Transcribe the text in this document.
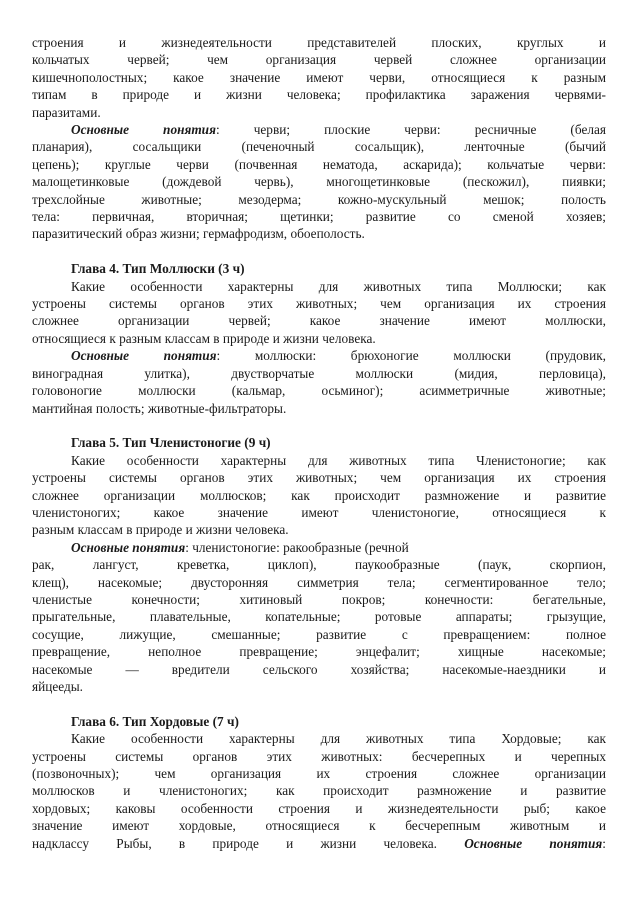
строения и жизнедеятельности представителей плоских, круглых и
кольчатых червей; чем организация червей сложнее организации
кишечнополостных; какое значение имеют черви, относящиеся к разным
типам в природе и жизни человека; профилактика заражения червями-
паразитами.
Основные понятия: черви; плоские черви: ресничные (белая
планария), сосальщики (печеночный сосальщик), ленточные (бычий
цепень); круглые черви (почвенная нематода, аскарида); кольчатые черви:
малощетинковые (дождевой червь), многощетинковые (пескожил), пиявки;
трехслойные животные; мезодерма; кожно-мускульный мешок; полость
тела: первичная, вторичная; щетинки; развитие со сменой хозяев;
паразитический образ жизни; гермафродизм, обоеполость.
Глава 4. Тип Моллюски (3 ч)
Какие особенности характерны для животных типа Моллюски; как
устроены системы органов этих животных; чем организация их строения
сложнее организации червей; какое значение имеют моллюски,
относящиеся к разным классам в природе и жизни человека.
Основные понятия: моллюски: брюхоногие моллюски (прудовик,
виноградная улитка), двустворчатые моллюски (мидия, перловица),
головоногие моллюски (кальмар, осьминог); асимметричные животные;
мантийная полость; животные-фильтраторы.
Глава 5. Тип Членистоногие (9 ч)
Какие особенности характерны для животных типа Членистоногие; как
устроены системы органов этих животных; чем организация их строения
сложнее организации моллюсков; как происходит размножение и развитие
членистоногих; какое значение имеют членистоногие, относящиеся к
разным классам в природе и жизни человека.
Основные понятия: членистоногие: ракообразные (речной
рак, лангуст, креветка, циклоп), паукообразные (паук, скорпион,
клещ), насекомые; двусторонняя симметрия тела; сегментированное тело;
членистые конечности; хитиновый покров; конечности: бегательные,
прыгательные, плавательные, копательные; ротовые аппараты; грызущие,
сосущие, лижущие, смешанные; развитие с превращением: полное
превращение, неполное превращение; энцефалит; хищные насекомые;
насекомые — вредители сельского хозяйства; насекомые-наездники и
яйцееды.
Глава 6. Тип Хордовые (7 ч)
Какие особенности характерны для животных типа Хордовые; как
устроены системы органов этих животных: бесчерепных и черепных
(позвоночных); чем организация их строения сложнее организации
моллюсков и членистоногих; как происходит размножение и развитие
хордовых; каковы особенности строения и жизнедеятельности рыб; какое
значение имеют хордовые, относящиеся к бесчерепным животным и
надклассу Рыбы, в природе и жизни человека. Основные понятия:
